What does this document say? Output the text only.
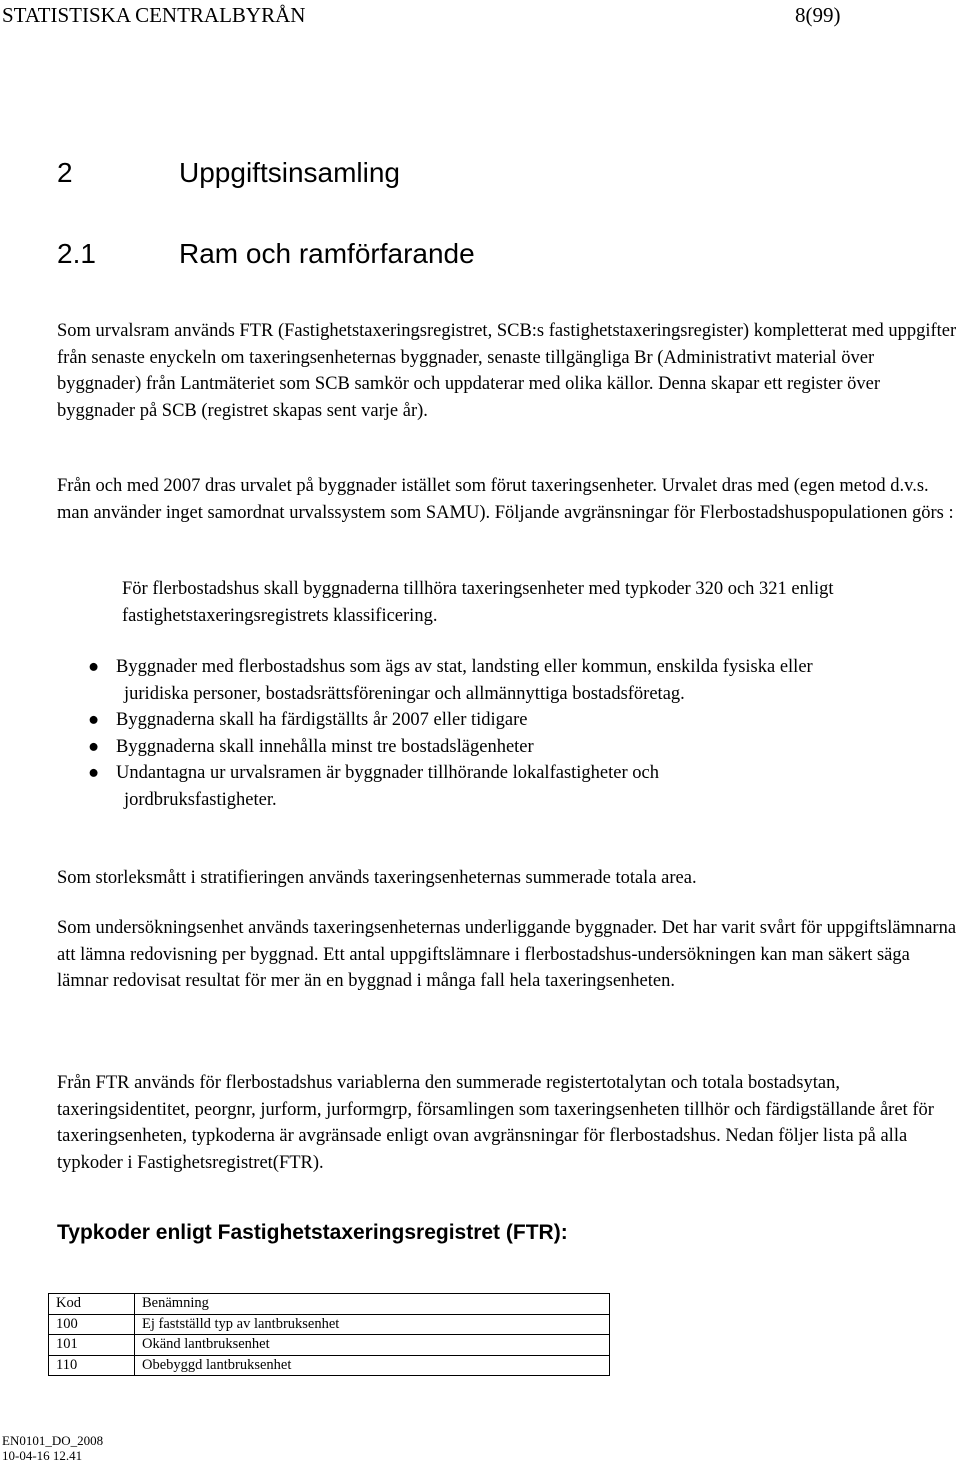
STATISTISKA CENTRALBYRÅN	8(99)
2	Uppgiftsinsamling
2.1	Ram och ramförfarande

Som urvalsram används FTR (Fastighetstaxeringsregistret, SCB:s fastighetstaxeringsregister) kompletterat med uppgifter från senaste enyckeln om taxeringsenheternas byggnader, senaste tillgängliga Br (Administrativt material över byggnader) från Lantmäteriet som SCB samkör och uppdaterar med olika källor. Denna skapar ett register över byggnader på SCB (registret skapas sent varje år).

Från och med 2007 dras urvalet på byggnader istället som förut taxeringsenheter. Urvalet dras med (egen metod d.v.s. man använder inget samordnat urvalssystem som SAMU). Följande avgränsningar för Flerbostadshuspopulationen görs :

För flerbostadshus skall byggnaderna tillhöra taxeringsenheter med typkoder 320 och 321 enligt fastighetstaxeringsregistrets klassificering.

● Byggnader med flerbostadshus som ägs av stat, landsting eller kommun, enskilda fysiska eller
juridiska personer, bostadsrättsföreningar och allmännyttiga bostadsföretag.
● Byggnaderna skall ha färdigställts år 2007 eller tidigare
● Byggnaderna skall innehålla minst tre bostadslägenheter
● Undantagna ur urvalsramen är byggnader tillhörande lokalfastigheter och
jordbruksfastigheter.

Som storleksmått i stratifieringen används taxeringsenheternas summerade totala area.

Som undersökningsenhet används taxeringsenheternas underliggande byggnader. Det har varit svårt för uppgiftslämnarna att lämna redovisning per byggnad. Ett antal uppgiftslämnare i flerbostadshus-undersökningen kan man säkert säga lämnar redovisat resultat för mer än en byggnad i många fall hela taxeringsenheten.

Från FTR används för flerbostadshus variablerna den summerade registertotalytan och totala bostadsytan, taxeringsidentitet, peorgnr, jurform, jurformgrp, församlingen som taxeringsenheten tillhör och färdigställande året för taxeringsenheten, typkoderna är avgränsade enligt ovan avgränsningar för flerbostadshus. Nedan följer lista på alla typkoder i Fastighetsregistret(FTR).

Typkoder enligt Fastighetstaxeringsregistret (FTR):
Kod	Benämning
100	Ej fastställd typ av lantbruksenhet
101	Okänd lantbruksenhet
110	Obebyggd lantbruksenhet
EN0101_DO_2008
10-04-16 12.41
